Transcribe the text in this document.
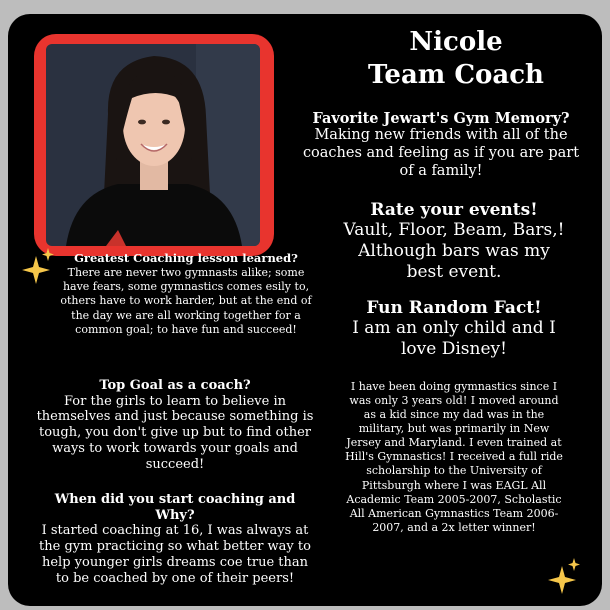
Nicole
Team Coach
Favorite Jewart's Gym Memory?
Making new friends with all of the coaches and feeling as if you are part of a family!
Rate your events!
Vault, Floor, Beam, Bars,! Although bars was my best event.
Fun Random Fact!
I am an only child and I love Disney!
I have been doing gymnastics since I was only 3 years old! I moved around as a kid since my dad was in the military, but was primarily in New Jersey and Maryland. I even trained at Hill's Gymnastics! I received a full ride scholarship to the University of Pittsburgh where I was EAGL All Academic Team 2005-2007, Scholastic All American Gymnastics Team 2006-2007, and a 2x letter winner!
Greatest Coaching lesson learned?
There are never two gymnasts alike; some have fears, some gymnastics comes esily to, others have to work harder, but at the end of the day we are all working together for a common goal; to have fun and succeed!
Top Goal as a coach?
For the girls to learn to believe in themselves and just because something is tough, you don't give up but to find other ways to work towards your goals and succeed!
When did you start coaching and Why?
I started coaching at 16, I was always at the gym practicing so what better way to help younger girls dreams coe true than to be coached by one of their peers!
